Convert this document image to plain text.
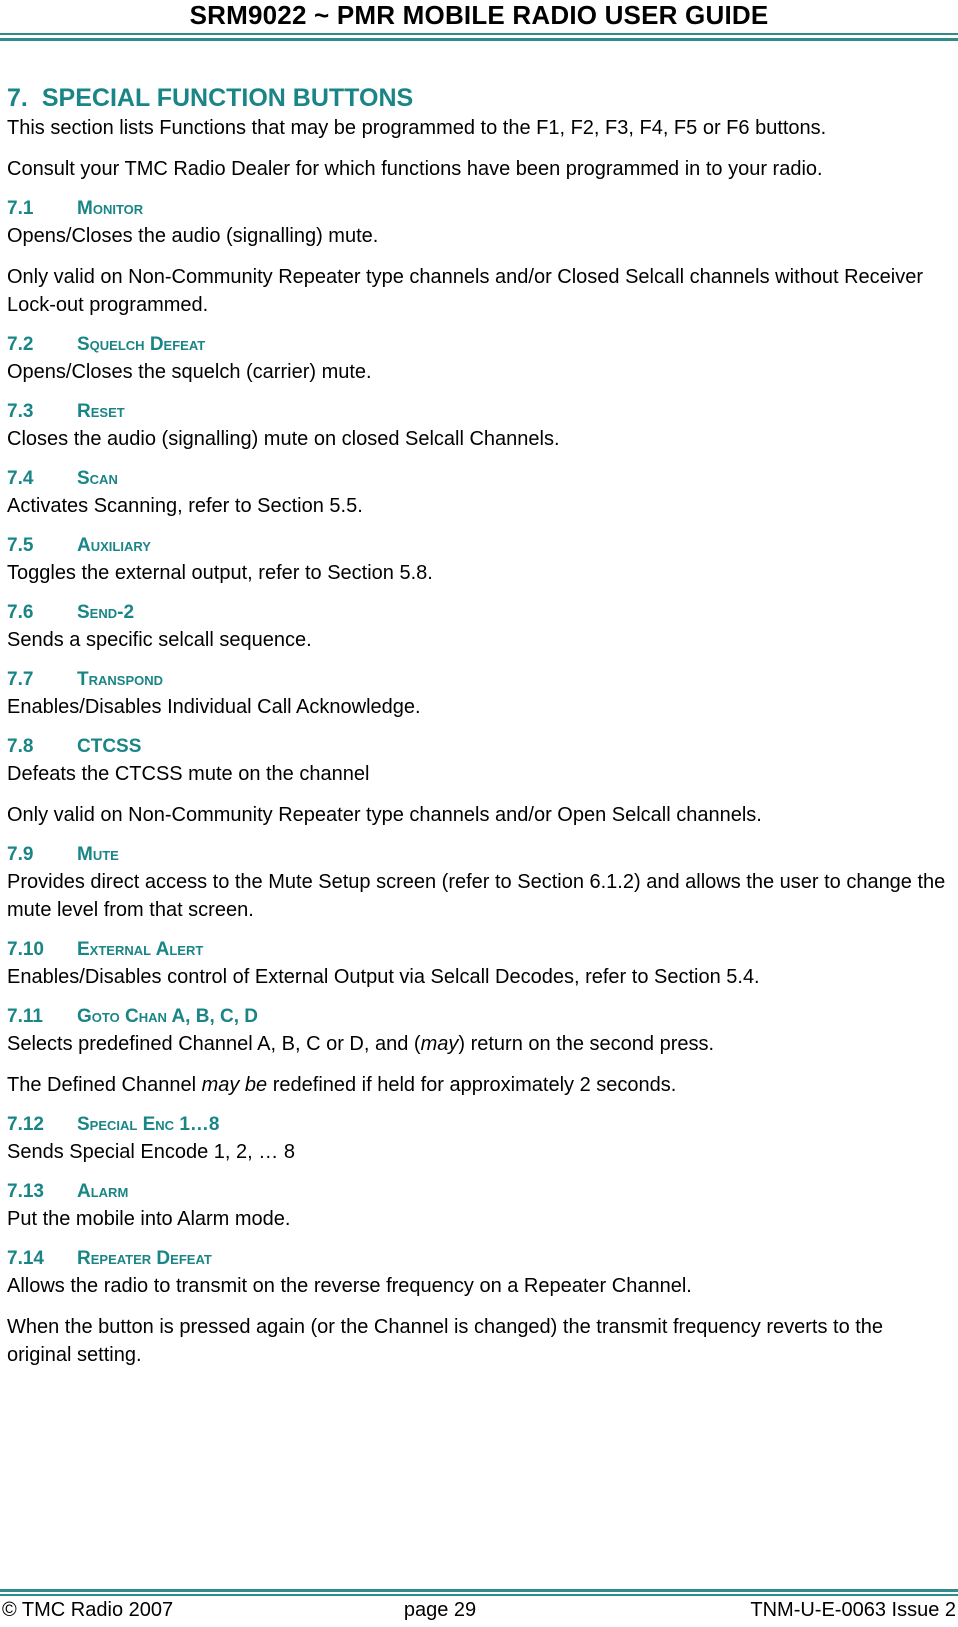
SRM9022 ~ PMR MOBILE RADIO USER GUIDE
7. SPECIAL FUNCTION BUTTONS

This section lists Functions that may be programmed to the F1, F2, F3, F4, F5 or F6 buttons.

Consult your TMC Radio Dealer for which functions have been programmed in to your radio.

7.1 Monitor

Opens/Closes the audio (signalling) mute.

Only valid on Non-Community Repeater type channels and/or Closed Selcall channels without Receiver Lock-out programmed.

7.2 Squelch Defeat

Opens/Closes the squelch (carrier) mute.

7.3 Reset

Closes the audio (signalling) mute on closed Selcall Channels.

7.4 Scan

Activates Scanning, refer to Section 5.5.

7.5 Auxiliary

Toggles the external output, refer to Section 5.8.

7.6 Send-2

Sends a specific selcall sequence.

7.7 Transpond

Enables/Disables Individual Call Acknowledge.

7.8 CTCSS

Defeats the CTCSS mute on the channel

Only valid on Non-Community Repeater type channels and/or Open Selcall channels.

7.9 Mute

Provides direct access to the Mute Setup screen (refer to Section 6.1.2) and allows the user to change the mute level from that screen.

7.10 External Alert

Enables/Disables control of External Output via Selcall Decodes, refer to Section 5.4.

7.11 Goto Chan A, B, C, D

Selects predefined Channel A, B, C or D, and (may) return on the second press.

The Defined Channel may be redefined if held for approximately 2 seconds.

7.12 Special Enc 1…8

Sends Special Encode 1, 2, … 8

7.13 Alarm

Put the mobile into Alarm mode.

7.14 Repeater Defeat

Allows the radio to transmit on the reverse frequency on a Repeater Channel.

When the button is pressed again (or the Channel is changed) the transmit frequency reverts to the original setting.

© TMC Radio 2007	page 29	TNM-U-E-0063 Issue 2
